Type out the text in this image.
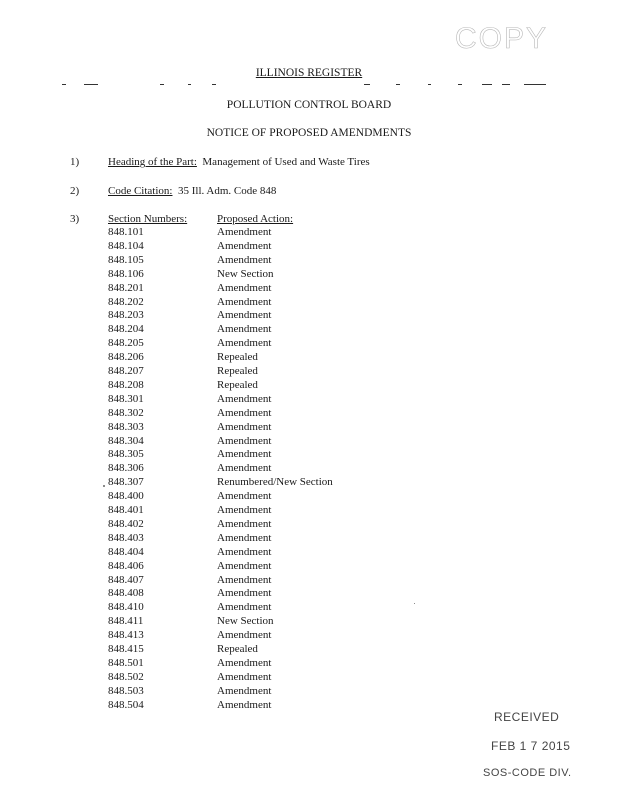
COPY
ILLINOIS REGISTER
POLLUTION CONTROL BOARD
NOTICE OF PROPOSED AMENDMENTS
1)	Heading of the Part: Management of Used and Waste Tires
2)	Code Citation: 35 Ill. Adm. Code 848
3)	Section Numbers:	Proposed Action:
848.101	Amendment
848.104	Amendment
848.105	Amendment
848.106	New Section
848.201	Amendment
848.202	Amendment
848.203	Amendment
848.204	Amendment
848.205	Amendment
848.206	Repealed
848.207	Repealed
848.208	Repealed
848.301	Amendment
848.302	Amendment
848.303	Amendment
848.304	Amendment
848.305	Amendment
848.306	Amendment
848.307	Renumbered/New Section
848.400	Amendment
848.401	Amendment
848.402	Amendment
848.403	Amendment
848.404	Amendment
848.406	Amendment
848.407	Amendment
848.408	Amendment
848.410	Amendment
848.411	New Section
848.413	Amendment
848.415	Repealed
848.501	Amendment
848.502	Amendment
848.503	Amendment
848.504	Amendment
RECEIVED
FEB 1 7 2015
SOS-CODE DIV.
